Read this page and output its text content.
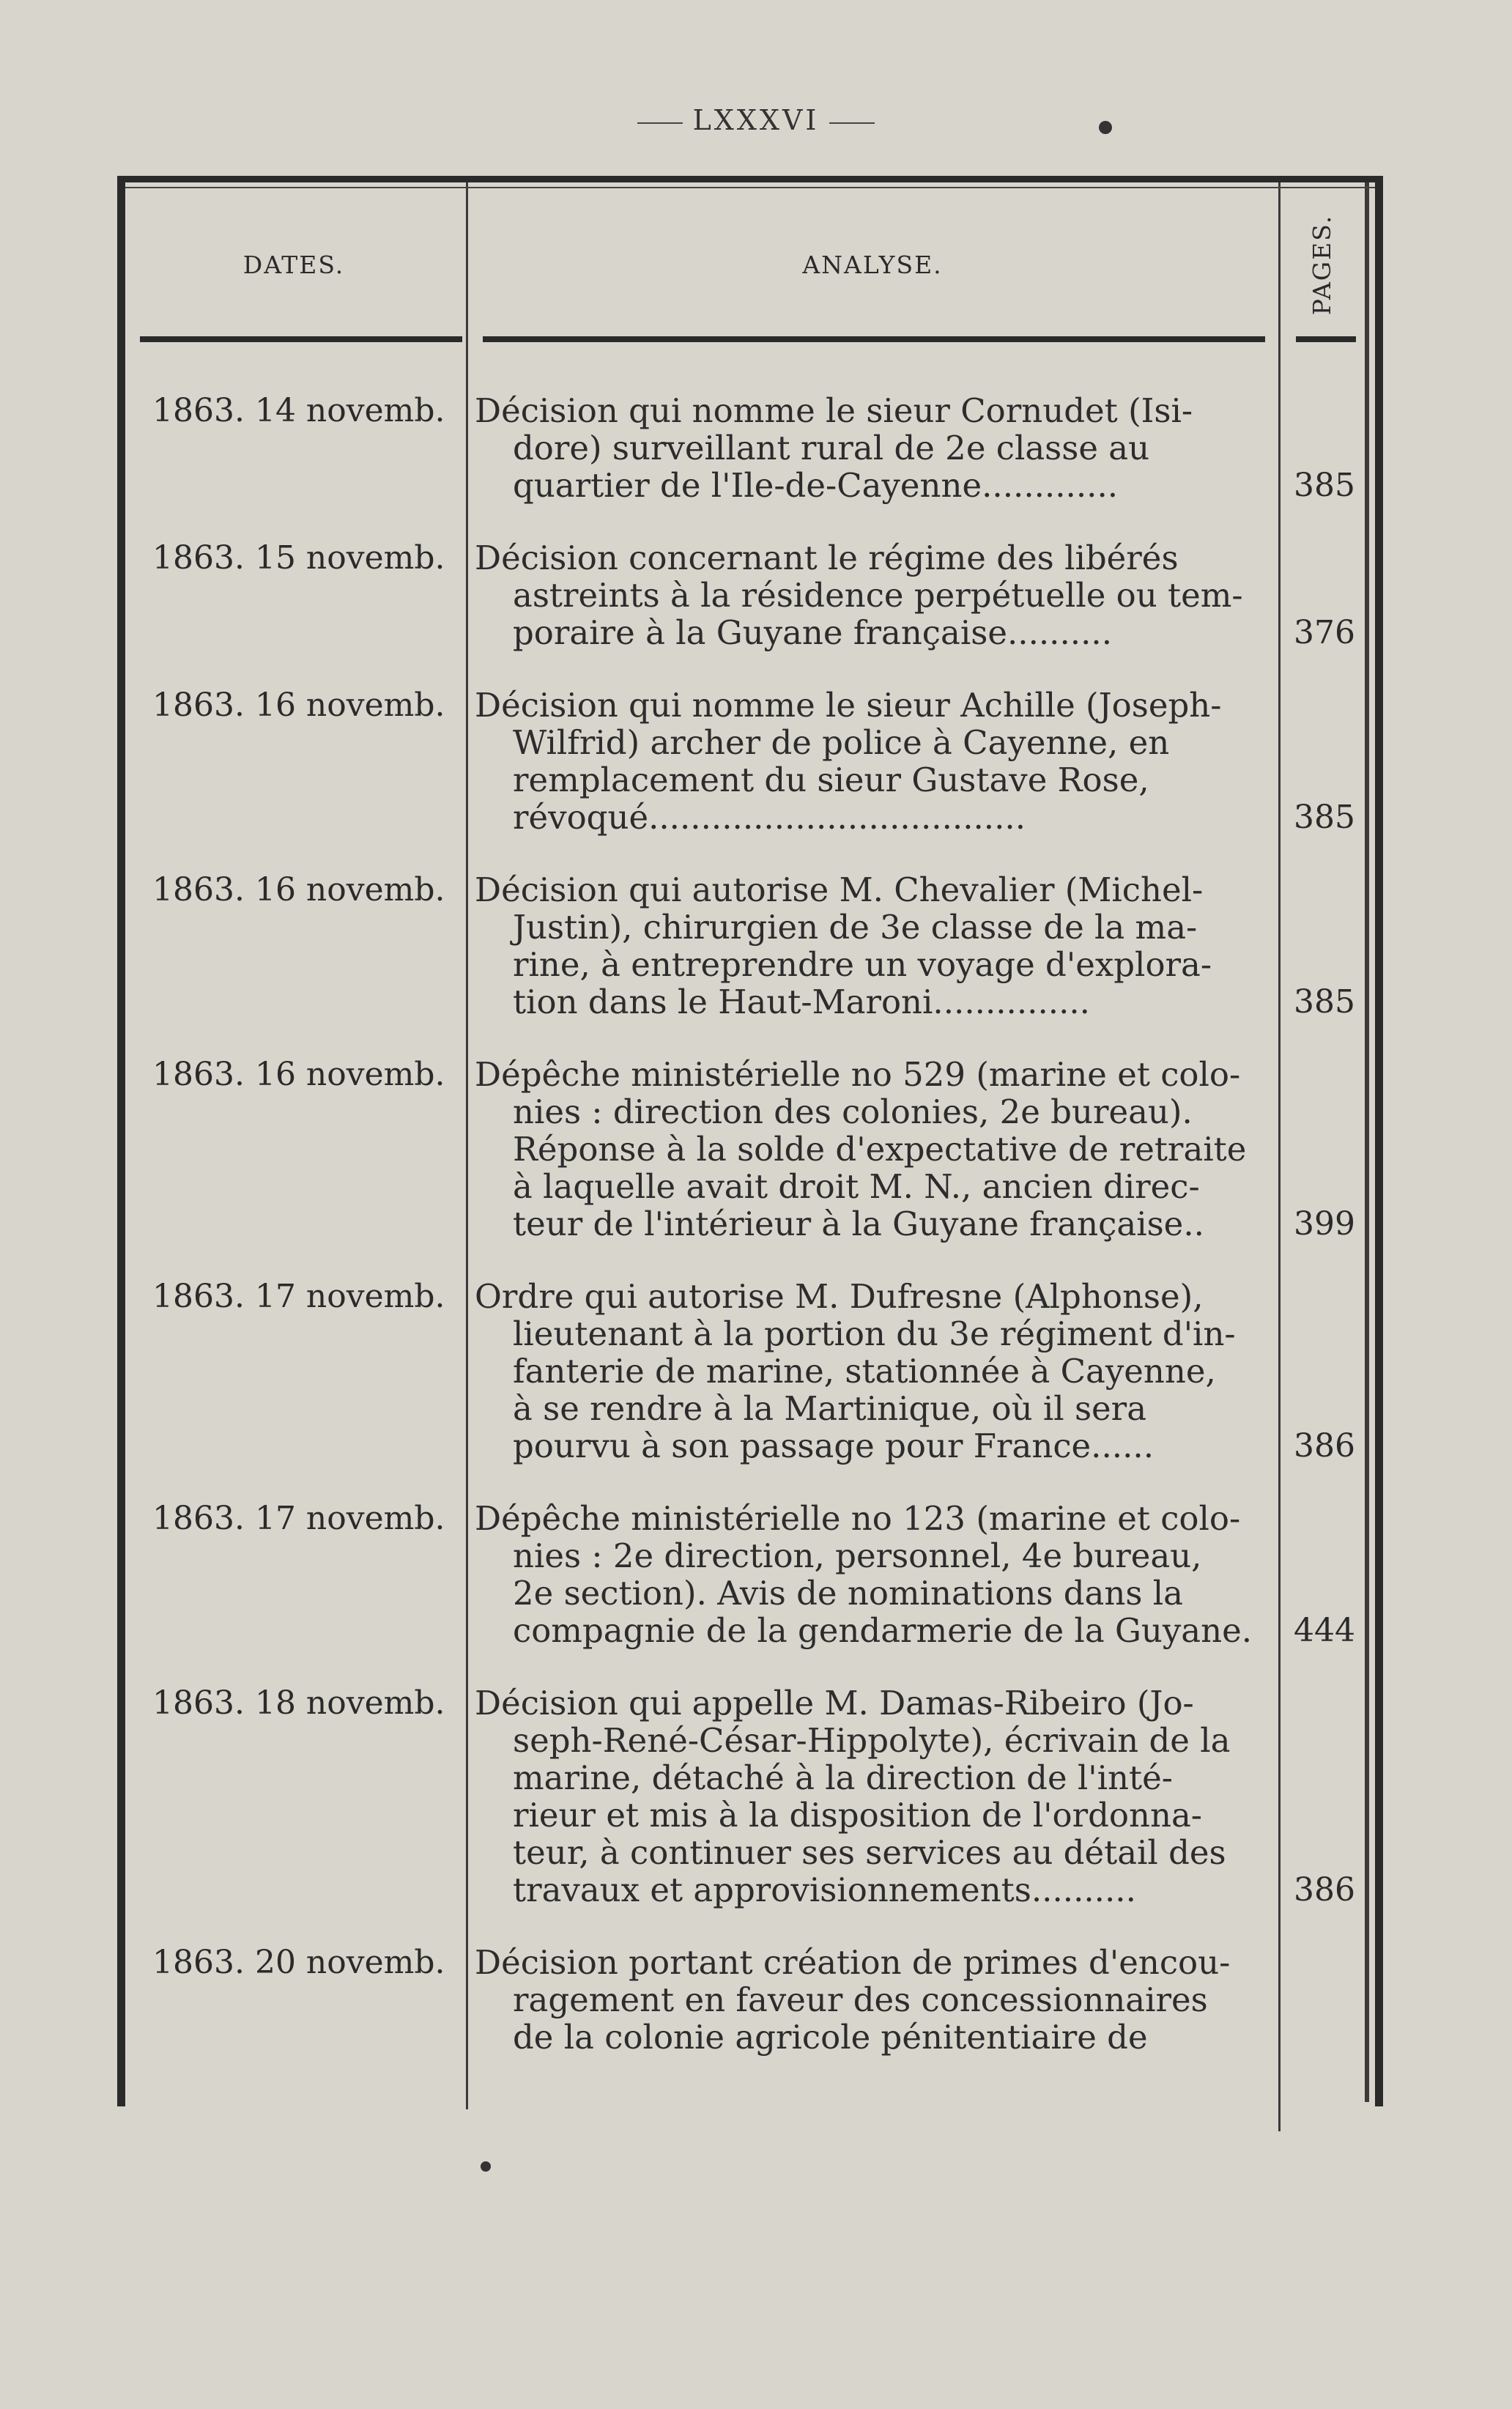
LXXXVI
DATES.	ANALYSE.	PAGES.
1863. 14 novemb. Décision qui nomme le sieur Cornudet (Isi-
dore) surveillant rural de 2e classe au
quartier de l'Ile-de-Cayenne.............	385
1863. 15 novemb. Décision concernant le régime des libérés
astreints à la résidence perpétuelle ou tem-
poraire à la Guyane française..........	376
1863. 16 novemb. Décision qui nomme le sieur Achille (Joseph-
Wilfrid) archer de police à Cayenne, en
remplacement du sieur Gustave Rose,
révoqué....................................	385
1863. 16 novemb. Décision qui autorise M. Chevalier (Michel-
Justin), chirurgien de 3e classe de la ma-
rine, à entreprendre un voyage d'explora-
tion dans le Haut-Maroni...............	385
1863. 16 novemb. Dépêche ministérielle no 529 (marine et colo-
nies : direction des colonies, 2e bureau).
Réponse à la solde d'expectative de retraite
à laquelle avait droit M. N., ancien direc-
teur de l'intérieur à la Guyane française..	399
1863. 17 novemb. Ordre qui autorise M. Dufresne (Alphonse),
lieutenant à la portion du 3e régiment d'in-
fanterie de marine, stationnée à Cayenne,
à se rendre à la Martinique, où il sera
pourvu à son passage pour France......	386
1863. 17 novemb. Dépêche ministérielle no 123 (marine et colo-
nies : 2e direction, personnel, 4e bureau,
2e section). Avis de nominations dans la
compagnie de la gendarmerie de la Guyane. 444
1863. 18 novemb. Décision qui appelle M. Damas-Ribeiro (Jo-
seph-René-César-Hippolyte), écrivain de la
marine, détaché à la direction de l'inté-
rieur et mis à la disposition de l'ordonna-
teur, à continuer ses services au détail des
travaux et approvisionnements..........	386
1863. 20 novemb. Décision portant création de primes d'encou-
ragement en faveur des concessionnaires
de la colonie agricole pénitentiaire de
